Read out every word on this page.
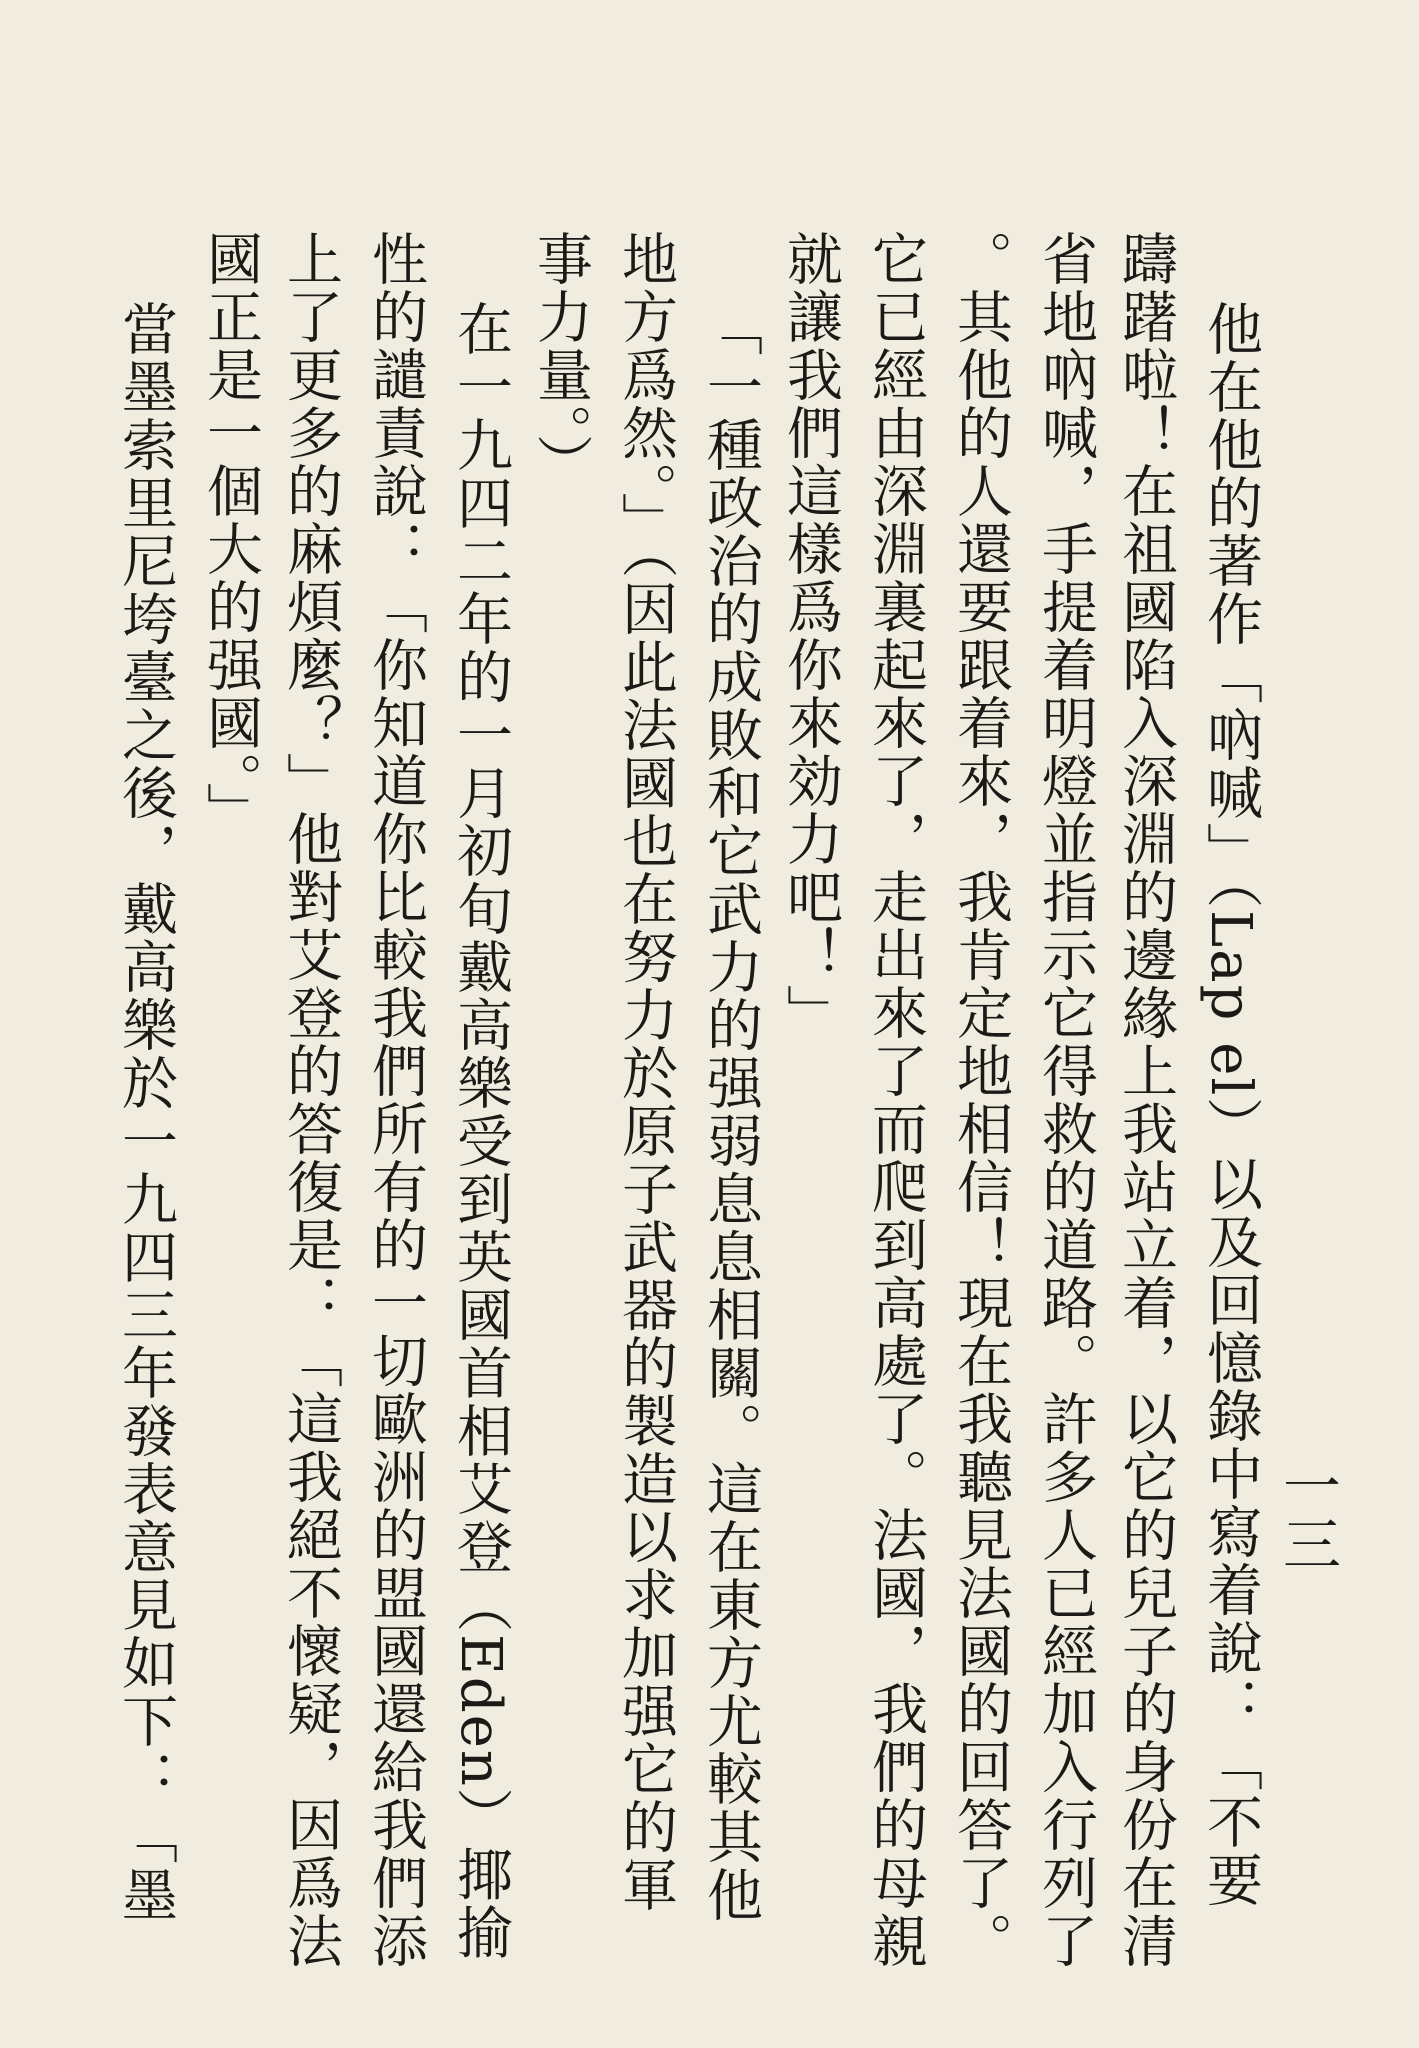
一三
他在他的著作「吶喊」（Lap el）以及回憶錄中寫着說：「不要
躊躇啦！在祖國陷入深淵的邊緣上我站立着，以它的兒子的身份在清
省地吶喊，手提着明燈並指示它得救的道路。許多人已經加入行列了
。其他的人還要跟着來，我肯定地相信！現在我聽見法國的回答了。
它已經由深淵裏起來了，走出來了而爬到高處了。法國，我們的母親
就讓我們這樣爲你來効力吧！」
「一種政治的成敗和它武力的强弱息息相關。這在東方尤較其他
地方爲然。」（因此法國也在努力於原子武器的製造以求加强它的軍
事力量。）
在一九四二年的一月初旬戴高樂受到英國首相艾登（Eden）揶揄
性的譴責說：「你知道你比較我們所有的一切歐洲的盟國還給我們添
上了更多的麻煩麼？」他對艾登的答復是：「這我絕不懷疑，因爲法
國正是一個大的强國。」
當墨索里尼垮臺之後，戴高樂於一九四三年發表意見如下：「墨
